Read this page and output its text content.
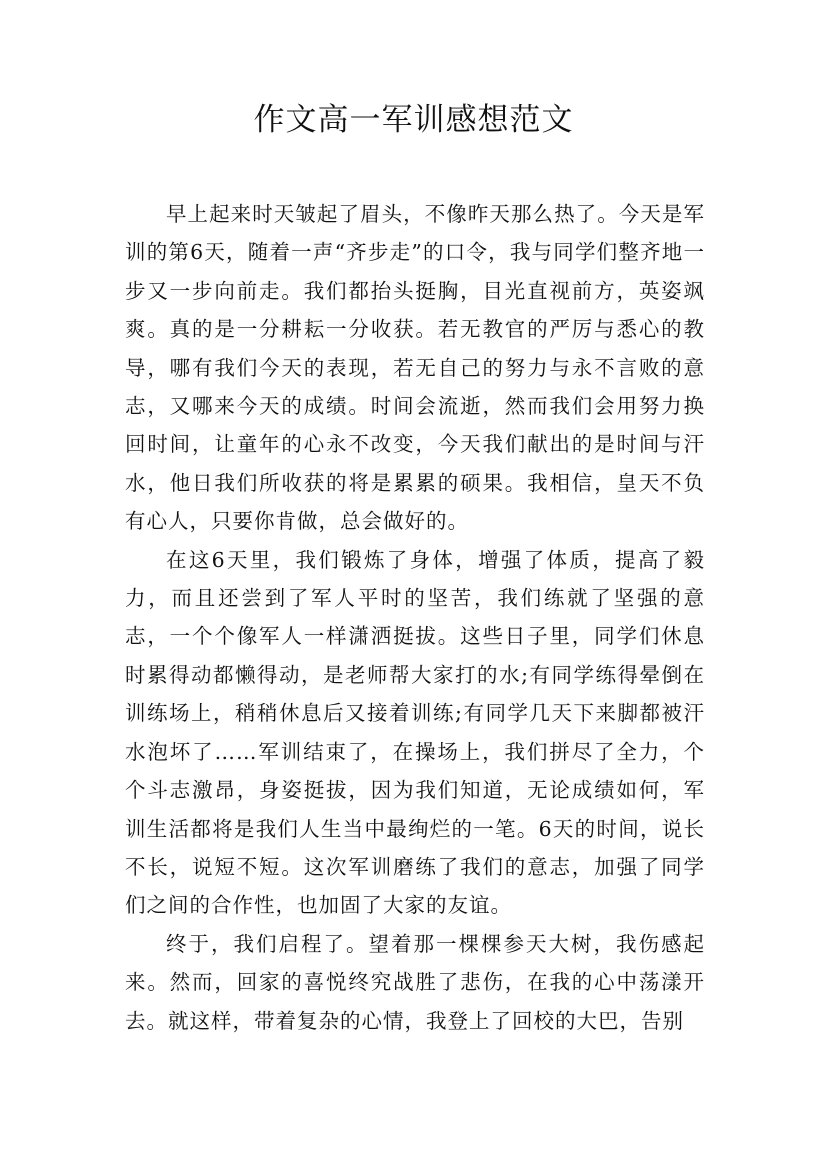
作文高一军训感想范文

早上起来时天皱起了眉头，不像昨天那么热了。今天是军训的第6天，随着一声“齐步走”的口令，我与同学们整齐地一步又一步向前走。我们都抬头挺胸，目光直视前方，英姿飒爽。真的是一分耕耘一分收获。若无教官的严厉与悉心的教导，哪有我们今天的表现，若无自己的努力与永不言败的意志，又哪来今天的成绩。时间会流逝，然而我们会用努力换回时间，让童年的心永不改变，今天我们献出的是时间与汗水，他日我们所收获的将是累累的硕果。我相信，皇天不负有心人，只要你肯做，总会做好的。

在这6天里，我们锻炼了身体，增强了体质，提高了毅力，而且还尝到了军人平时的坚苦，我们练就了坚强的意志，一个个像军人一样潇洒挺拔。这些日子里，同学们休息时累得动都懒得动，是老师帮大家打的水;有同学练得晕倒在训练场上，稍稍休息后又接着训练;有同学几天下来脚都被汗水泡坏了……军训结束了，在操场上，我们拼尽了全力，个个斗志激昂，身姿挺拔，因为我们知道，无论成绩如何，军训生活都将是我们人生当中最绚烂的一笔。6天的时间，说长不长，说短不短。这次军训磨练了我们的意志，加强了同学们之间的合作性，也加固了大家的友谊。

终于，我们启程了。望着那一棵棵参天大树，我伤感起来。然而，回家的喜悦终究战胜了悲伤，在我的心中荡漾开去。就这样，带着复杂的心情，我登上了回校的大巴，告别
